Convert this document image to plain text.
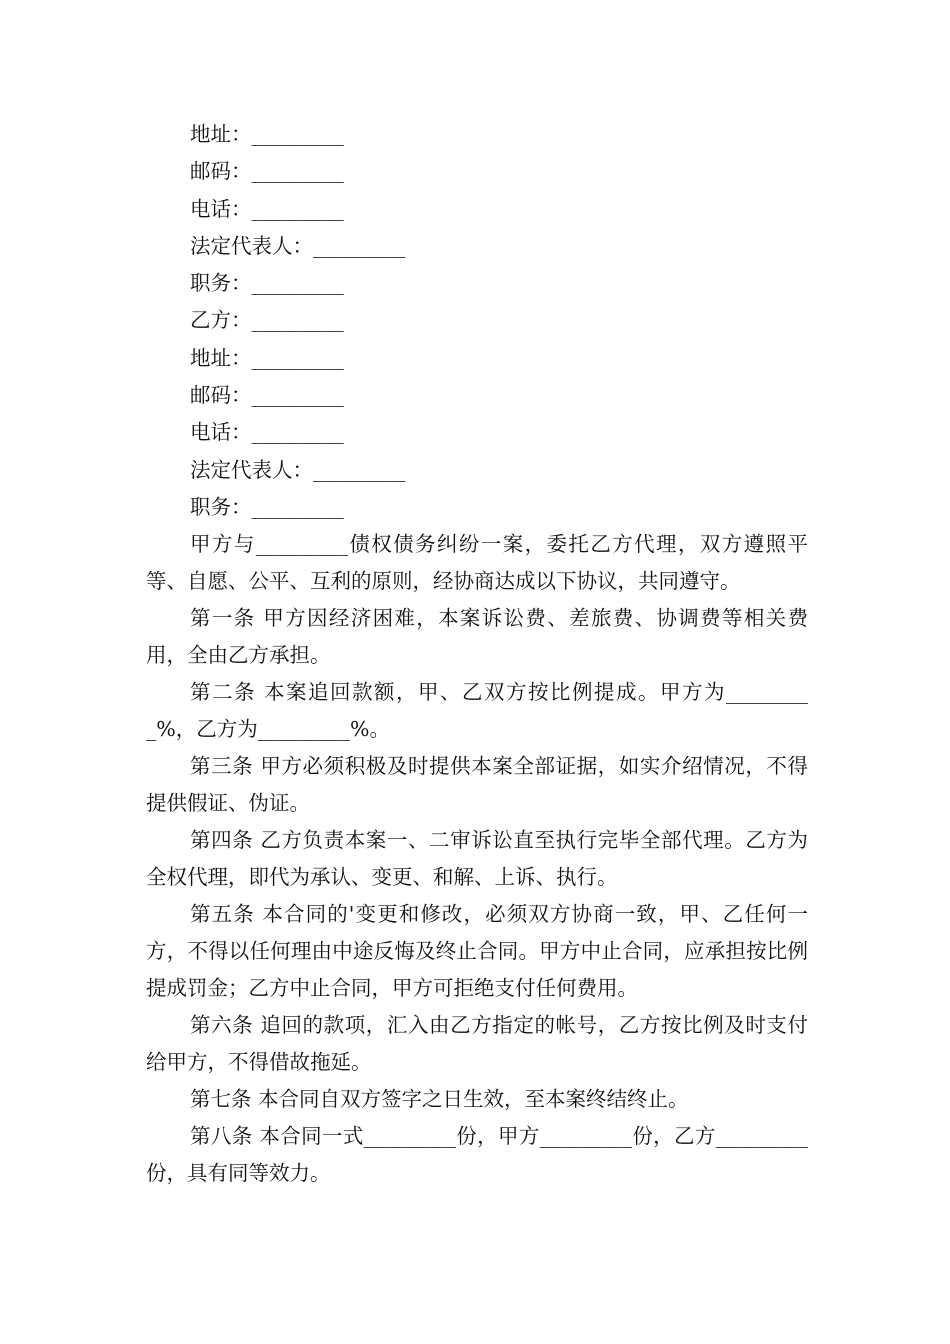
地址：_________
邮码：_________
电话：_________
法定代表人：_________
职务：_________
乙方：_________
地址：_________
邮码：_________
电话：_________
法定代表人：_________
职务：_________

甲方与_________债权债务纠纷一案，委托乙方代理，双方遵照平等、自愿、公平、互利的原则，经协商达成以下协议，共同遵守。

第一条 甲方因经济困难，本案诉讼费、差旅费、协调费等相关费用，全由乙方承担。

第二条 本案追回款额，甲、乙双方按比例提成。甲方为_________%，乙方为_________%。

第三条 甲方必须积极及时提供本案全部证据，如实介绍情况，不得提供假证、伪证。

第四条 乙方负责本案一、二审诉讼直至执行完毕全部代理。乙方为全权代理，即代为承认、变更、和解、上诉、执行。

第五条 本合同的'变更和修改，必须双方协商一致，甲、乙任何一方，不得以任何理由中途反悔及终止合同。甲方中止合同，应承担按比例提成罚金；乙方中止合同，甲方可拒绝支付任何费用。

第六条 追回的款项，汇入由乙方指定的帐号，乙方按比例及时支付给甲方，不得借故拖延。

第七条 本合同自双方签字之日生效，至本案终结终止。

第八条 本合同一式_________份，甲方_________份，乙方_________份，具有同等效力。
